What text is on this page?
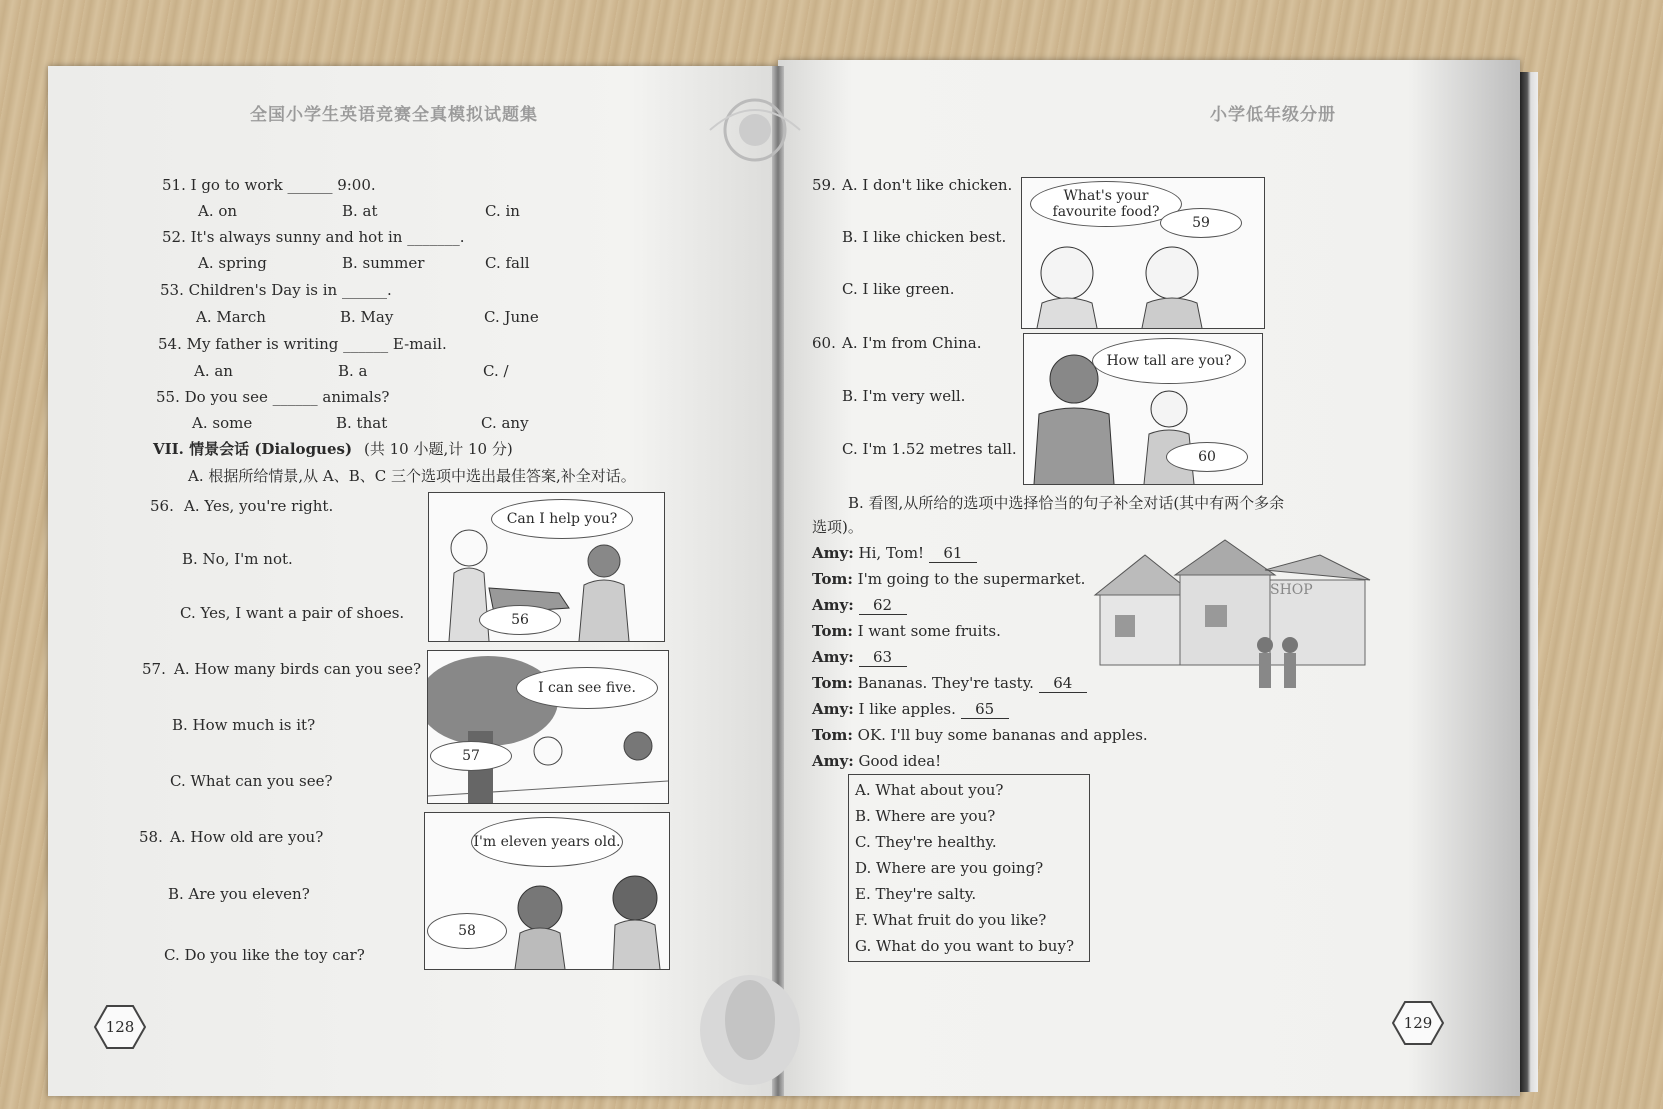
全国小学生英语竞赛全真模拟试题集	小学低年级分册
51. I go to work ______ 9:00.
A. on	B. at	C. in
52. It's always sunny and hot in _______.
A. spring	B. summer	C. fall
53. Children's Day is in ______.
A. March	B. May	C. June
54. My father is writing ______ E-mail.
A. an	B. a	C. /
55. Do you see ______ animals?
A. some	B. that	C. any
VII. 情景会话 (Dialogues) (共 10 小题,计 10 分)
A. 根据所给情景,从 A、B、C 三个选项中选出最佳答案,补全对话。
56. A. Yes, you're right.
B. No, I'm not.
C. Yes, I want a pair of shoes.
Can I help you?
56
57. A. How many birds can you see?
B. How much is it?
C. What can you see?
I can see five.
57
58. A. How old are you?
B. Are you eleven?
C. Do you like the toy car?
I'm eleven years old.
58
128
59. A. I don't like chicken.
B. I like chicken best.
C. I like green.
What's your favourite food?
59
60. A. I'm from China.
B. I'm very well.
C. I'm 1.52 metres tall.
How tall are you?
60
B. 看图,从所给的选项中选择恰当的句子补全对话(其中有两个多余
选项)。
Amy: Hi, Tom! 61
Tom: I'm going to the supermarket.
Amy: 62
Tom: I want some fruits.
Amy: 63
Tom: Bananas. They're tasty. 64
Amy: I like apples. 65
Tom: OK. I'll buy some bananas and apples.
Amy: Good idea!
SHOP
A. What about you?
B. Where are you?
C. They're healthy.
D. Where are you going?
E. They're salty.
F. What fruit do you like?
G. What do you want to buy?
129
